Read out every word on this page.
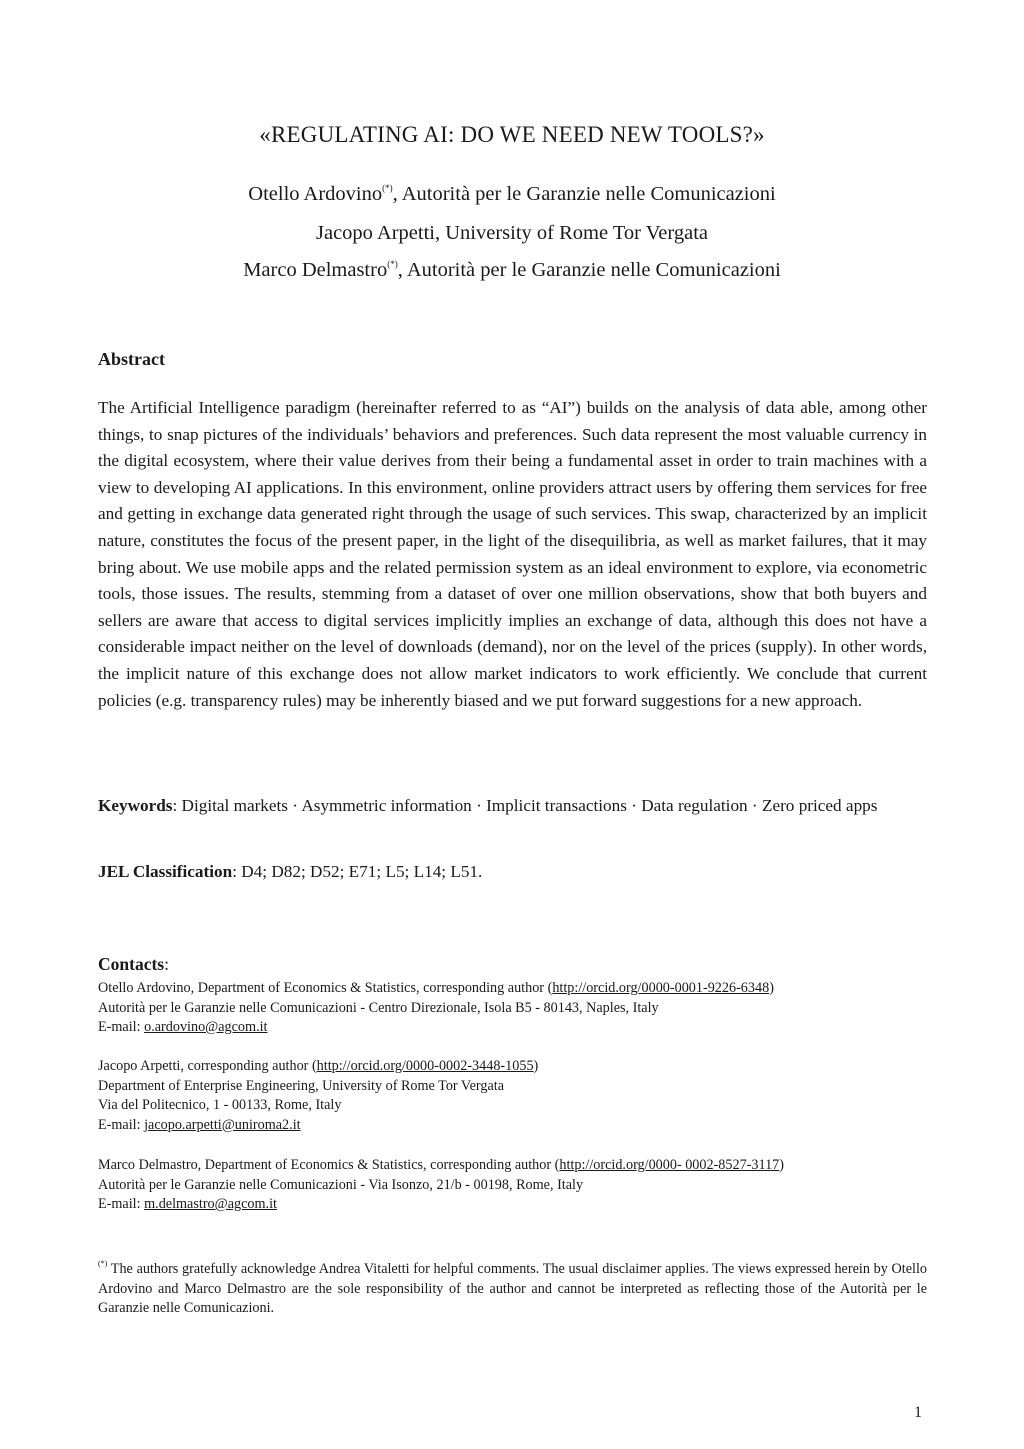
«REGULATING AI: DO WE NEED NEW TOOLS?»
Otello Ardovino(*), Autorità per le Garanzie nelle Comunicazioni
Jacopo Arpetti, University of Rome Tor Vergata
Marco Delmastro(*), Autorità per le Garanzie nelle Comunicazioni
Abstract
The Artificial Intelligence paradigm (hereinafter referred to as “AI”) builds on the analysis of data able, among other things, to snap pictures of the individuals’ behaviors and preferences. Such data represent the most valuable currency in the digital ecosystem, where their value derives from their being a fundamental asset in order to train machines with a view to developing AI applications. In this environment, online providers attract users by offering them services for free and getting in exchange data generated right through the usage of such services. This swap, characterized by an implicit nature, constitutes the focus of the present paper, in the light of the disequilibria, as well as market failures, that it may bring about. We use mobile apps and the related permission system as an ideal environment to explore, via econometric tools, those issues. The results, stemming from a dataset of over one million observations, show that both buyers and sellers are aware that access to digital services implicitly implies an exchange of data, although this does not have a considerable impact neither on the level of downloads (demand), nor on the level of the prices (supply). In other words, the implicit nature of this exchange does not allow market indicators to work efficiently. We conclude that current policies (e.g. transparency rules) may be inherently biased and we put forward suggestions for a new approach.
Keywords: Digital markets · Asymmetric information · Implicit transactions · Data regulation · Zero priced apps
JEL Classification: D4; D82; D52; E71; L5; L14; L51.
Contacts:
Otello Ardovino, Department of Economics & Statistics, corresponding author (http://orcid.org/0000-0001-9226-6348)
Autorità per le Garanzie nelle Comunicazioni - Centro Direzionale, Isola B5 - 80143, Naples, Italy
E-mail: o.ardovino@agcom.it
Jacopo Arpetti, corresponding author (http://orcid.org/0000-0002-3448-1055)
Department of Enterprise Engineering, University of Rome Tor Vergata
Via del Politecnico, 1 - 00133, Rome, Italy
E-mail: jacopo.arpetti@uniroma2.it
Marco Delmastro, Department of Economics & Statistics, corresponding author (http://orcid.org/0000- 0002-8527-3117)
Autorità per le Garanzie nelle Comunicazioni - Via Isonzo, 21/b - 00198, Rome, Italy
E-mail: m.delmastro@agcom.it
(*) The authors gratefully acknowledge Andrea Vitaletti for helpful comments. The usual disclaimer applies. The views expressed herein by Otello Ardovino and Marco Delmastro are the sole responsibility of the author and cannot be interpreted as reflecting those of the Autorità per le Garanzie nelle Comunicazioni.
1
